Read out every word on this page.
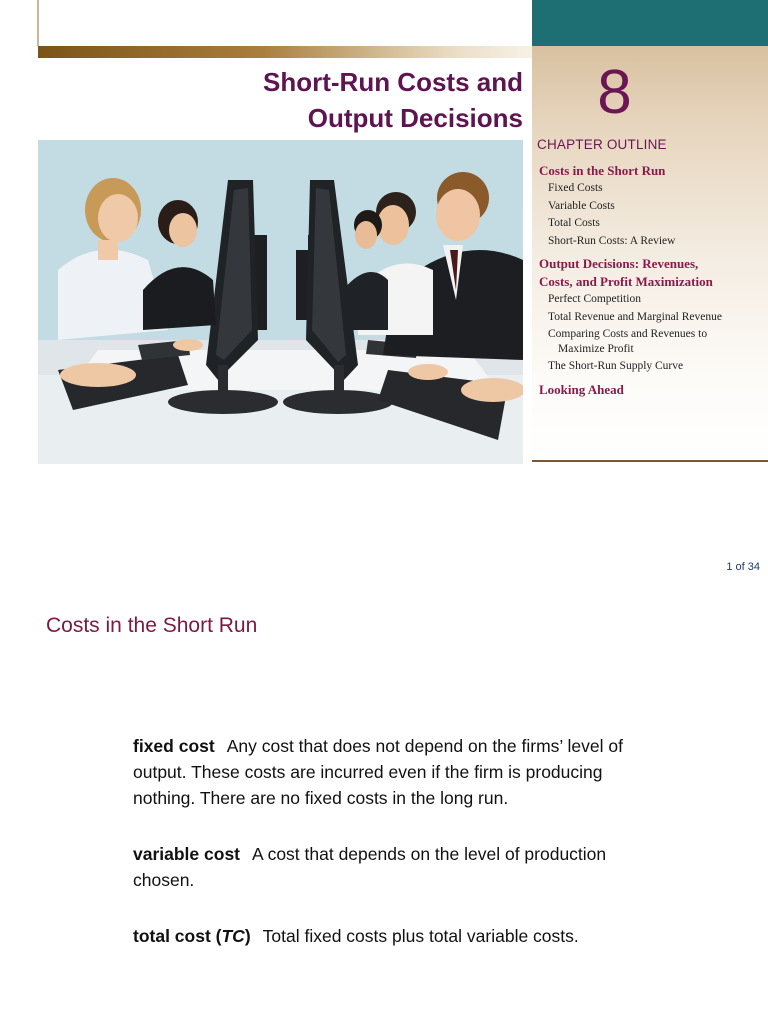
8
CHAPTER OUTLINE
Costs in the Short Run
Fixed Costs
Variable Costs
Total Costs
Short-Run Costs: A Review
Output Decisions: Revenues,
Costs, and Profit Maximization
Perfect Competition
Total Revenue and Marginal Revenue
Comparing Costs and Revenues to
Maximize Profit
The Short-Run Supply Curve
Looking Ahead
Short-Run Costs and
Output Decisions
1 of 34
Costs in the Short Run

fixed cost Any cost that does not depend on the firms’ level of output. These costs are incurred even if the firm is producing nothing. There are no fixed costs in the long run.

variable cost A cost that depends on the level of production chosen.

total cost (TC) Total fixed costs plus total variable costs.
